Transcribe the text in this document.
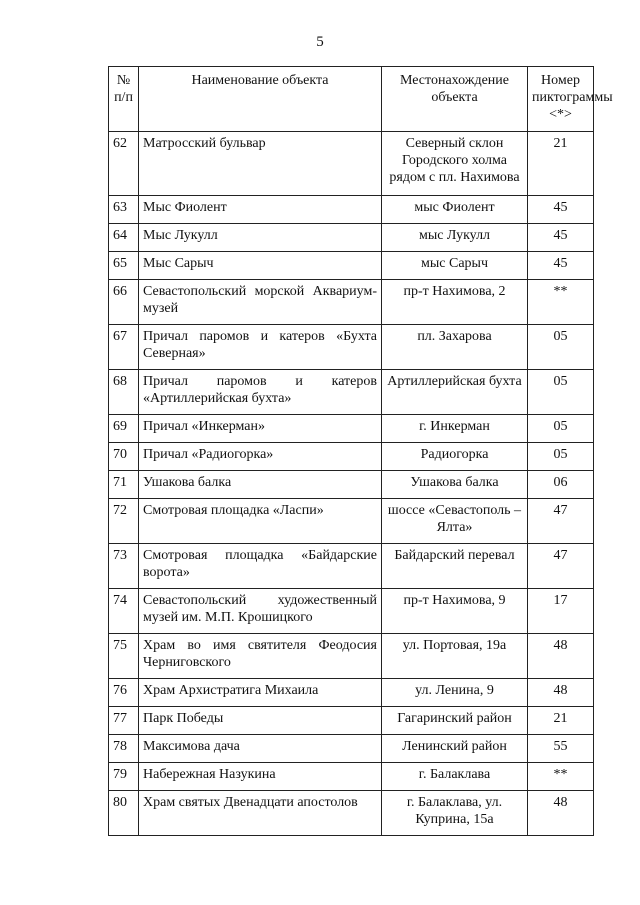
5
№ п/п	Наименование объекта	Местонахождение объекта	Номер пиктограммы <*>
62	Матросский бульвар	Северный склон Городского холма рядом с пл. Нахимова	21
63	Мыс Фиолент	мыс Фиолент	45
64	Мыс Лукулл	мыс Лукулл	45
65	Мыс Сарыч	мыс Сарыч	45
66	Севастопольский морской Аквариум-музей	пр-т Нахимова, 2	**
67	Причал паромов и катеров «Бухта Северная»	пл. Захарова	05
68	Причал паромов и катеров «Артиллерийская бухта»	Артиллерийская бухта	05
69	Причал «Инкерман»	г. Инкерман	05
70	Причал «Радиогорка»	Радиогорка	05
71	Ушакова балка	Ушакова балка	06
72	Смотровая площадка «Ласпи»	шоссе «Севастополь – Ялта»	47
73	Смотровая площадка «Байдарские ворота»	Байдарский перевал	47
74	Севастопольский художественный музей им. М.П. Крошицкого	пр-т Нахимова, 9	17
75	Храм во имя святителя Феодосия Черниговского	ул. Портовая, 19а	48
76	Храм Архистратига Михаила	ул. Ленина, 9	48
77	Парк Победы	Гагаринский район	21
78	Максимова дача	Ленинский район	55
79	Набережная Назукина	г. Балаклава	**
80	Храм святых Двенадцати апостолов	г. Балаклава, ул. Куприна, 15а	48
